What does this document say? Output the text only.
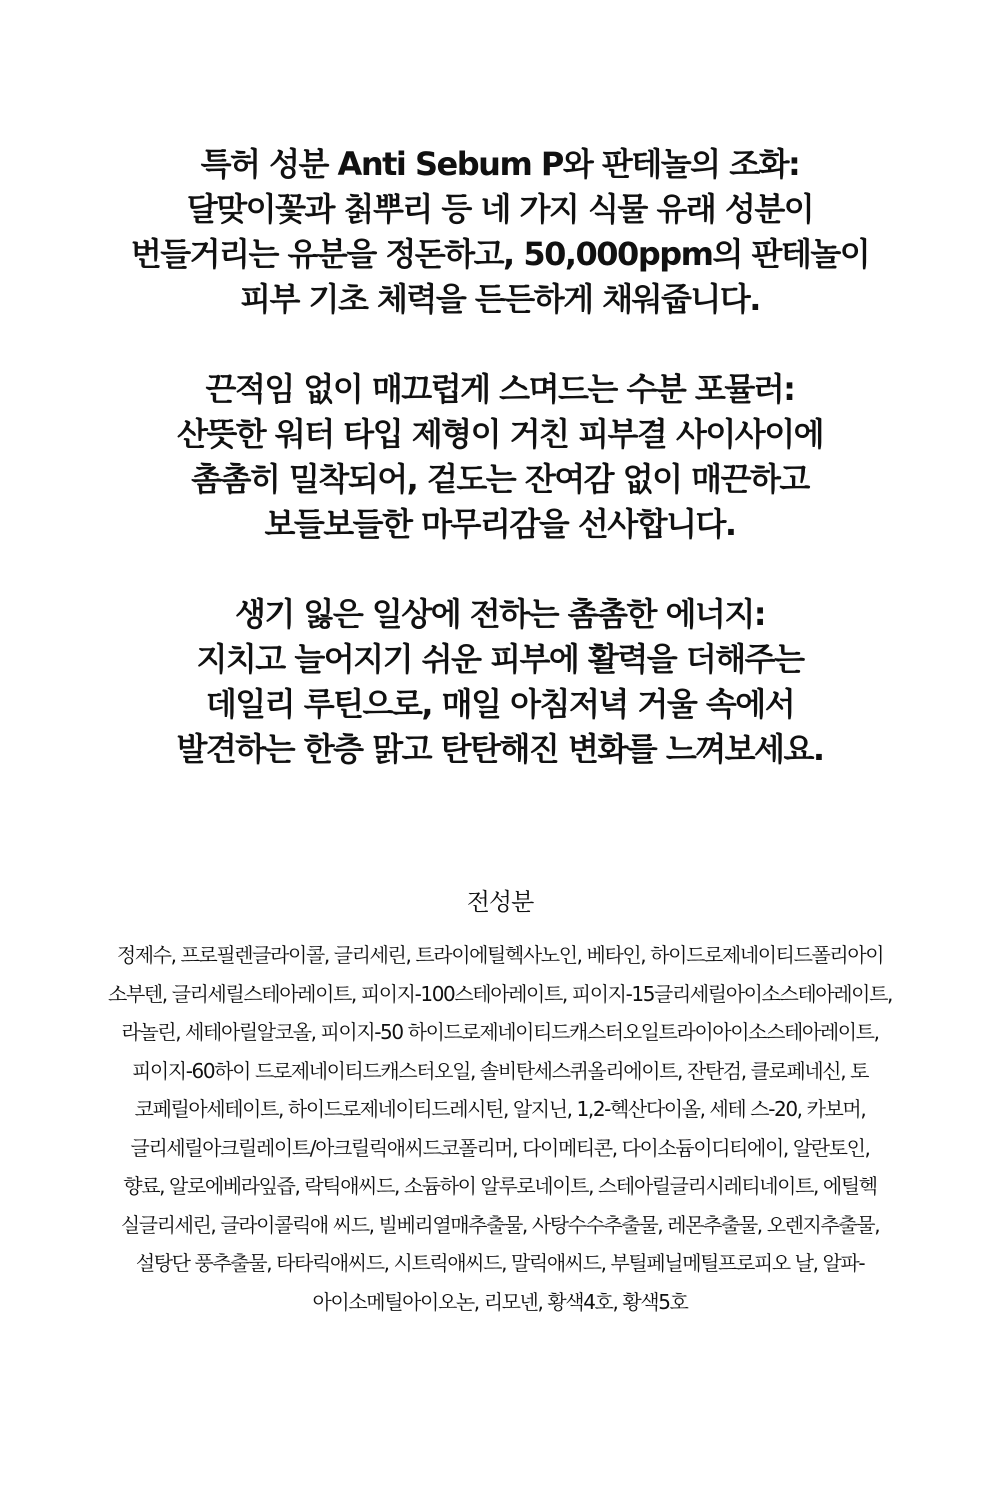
특허 성분 Anti Sebum P와 판테놀의 조화:
달맞이꽃과 칡뿌리 등 네 가지 식물 유래 성분이
번들거리는 유분을 정돈하고, 50,000ppm의 판테놀이
피부 기초 체력을 든든하게 채워줍니다.
끈적임 없이 매끄럽게 스며드는 수분 포뮬러:
산뜻한 워터 타입 제형이 거친 피부결 사이사이에
촘촘히 밀착되어, 겉도는 잔여감 없이 매끈하고
보들보들한 마무리감을 선사합니다.
생기 잃은 일상에 전하는 촘촘한 에너지:
지치고 늘어지기 쉬운 피부에 활력을 더해주는
데일리 루틴으로, 매일 아침저녁 거울 속에서
발견하는 한층 맑고 탄탄해진 변화를 느껴보세요.
전성분
정제수, 프로필렌글라이콜, 글리세린, 트라이에틸헥사노인, 베타인, 하이드로제네이티드폴리아이
소부텐, 글리세릴스테아레이트, 피이지-100스테아레이트, 피이지-15글리세릴아이소스테아레이트,
라놀린, 세테아릴알코올, 피이지-50 하이드로제네이티드캐스터오일트라이아이소스테아레이트,
피이지-60하이 드로제네이티드캐스터오일, 솔비탄세스퀴올리에이트, 잔탄검, 클로페네신, 토
코페릴아세테이트, 하이드로제네이티드레시틴, 알지닌, 1,2-헥산다이올, 세테 스-20, 카보머,
글리세릴아크릴레이트/아크릴릭애씨드코폴리머, 다이메티콘, 다이소듐이디티에이, 알란토인,
향료, 알로에베라잎즙, 락틱애씨드, 소듐하이 알루로네이트, 스테아릴글리시레티네이트, 에틸헥
실글리세린, 글라이콜릭애 씨드, 빌베리열매추출물, 사탕수수추출물, 레몬추출물, 오렌지추출물,
설탕단 풍추출물, 타타릭애씨드, 시트릭애씨드, 말릭애씨드, 부틸페닐메틸프로피오 날, 알파-
아이소메틸아이오논, 리모넨, 황색4호, 황색5호
